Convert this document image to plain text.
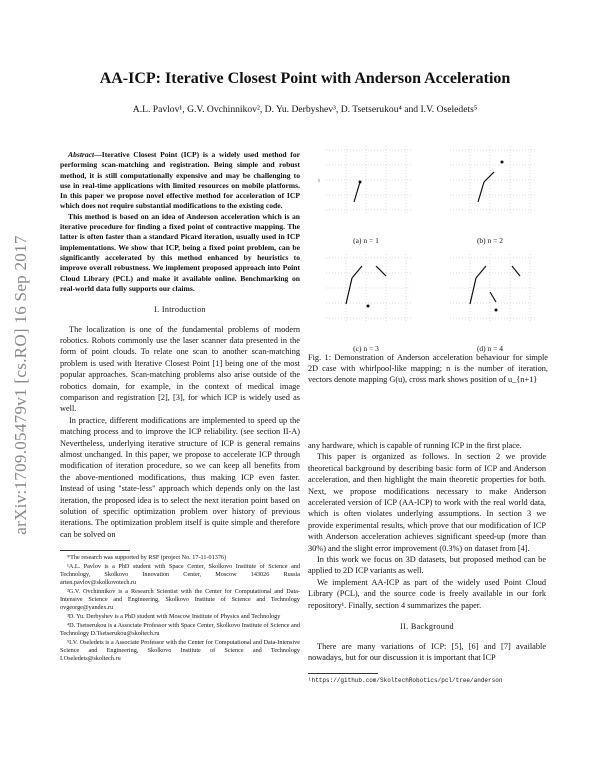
arXiv:1709.05479v1 [cs.RO] 16 Sep 2017
AA-ICP: Iterative Closest Point with Anderson Acceleration
A.L. Pavlov¹, G.V. Ovchinnikov², D. Yu. Derbyshev³, D. Tsetserukou⁴ and I.V. Oseledets⁵

Abstract—Iterative Closest Point (ICP) is a widely used method for performing scan-matching and registration. Being simple and robust method, it is still computationally expensive and may be challenging to use in real-time applications with limited resources on mobile platforms. In this paper we propose novel effective method for acceleration of ICP which does not require substantial modifications to the existing code.

This method is based on an idea of Anderson acceleration which is an iterative procedure for finding a fixed point of contractive mapping. The latter is often faster than a standard Picard iteration, usually used in ICP implementations. We show that ICP, being a fixed point problem, can be significantly accelerated by this method enhanced by heuristics to improve overall robustness. We implement proposed approach into Point Cloud Library (PCL) and make it available online. Benchmarking on real-world data fully supports our claims.

I. Introduction

The localization is one of the fundamental problems of modern robotics. Robots commonly use the laser scanner data presented in the form of point clouds. To relate one scan to another scan-matching problem is used with Iterative Closest Point [1] being one of the most popular approaches. Scan-matching problems also arise outside of the robotics domain, for example, in the context of medical image comparison and registration [2], [3], for which ICP is widely used as well.

In practice, different modifications are implemented to speed up the matching process and to improve the ICP reliability. (see section II-A) Nevertheless, underlying iterative structure of ICP is general remains almost unchanged. In this paper, we propose to accelerate ICP through modification of iteration procedure, so we can keep all benefits from the above-mentioned modifications, thus making ICP even faster. Instead of using "state-less" approach which depends only on the last iteration, the proposed idea is to select the next iteration point based on solution of specific optimization problem over history of previous iterations. The optimization problem itself is quite simple and therefore can be solved on

*The research was supported by RSF (project No. 17-11-01376)

¹A.L. Pavlov is a PhD student with Space Center, Skolkovo Institute of Science and Technology, Skolkovo Innovation Center, Moscow 143026 Russia arten.pavlov@skolkovotech.ru

²G.V. Ovchinnikov is a Research Scientist with the Center for Computational and Data-Intensive Science and Engineering, Skolkovo Institute of Science and Technology ovgeorge@yandex.ru

³D. Yu. Derbyshev is a PhD student with Moscow Institute of Physics and Technology

⁴D. Tsetserukou is a Associate Professor with Space Center, Skolkovo Institute of Science and Technology D.Tsetserukou@skoltech.ru

⁵I.V. Oseledets is a Associate Professor with the Center for Computational and Data-Intensive Science and Engineering, Skolkovo Institute of Science and Technology I.Oseledets@skoltech.ru

0
(a) n = 1	(b) n = 2
(c) n = 3	(d) n = 4
Fig. 1: Demonstration of Anderson acceleration behaviour for simple 2D case with whirlpool-like mapping; n is the number of iteration, vectors denote mapping G(u), cross mark shows position of u_{n+1}

any hardware, which is capable of running ICP in the first place.

This paper is organized as follows. In section 2 we provide theoretical background by describing basic form of ICP and Anderson acceleration, and then highlight the main theoretic properties for both. Next, we propose modifications necessary to make Anderson accelerated version of ICP (AA-ICP) to work with the real world data, which is often violates underlying assumptions. In section 3 we provide experimental results, which prove that our modification of ICP with Anderson acceleration achieves significant speed-up (more than 30%) and the slight error improvement (0.3%) on dataset from [4].

In this work we focus on 3D datasets, but proposed method can be applied to 2D ICP variants as well.

We implement AA-ICP as part of the widely used Point Cloud Library (PCL), and the source code is freely available in our fork repository¹. Finally, section 4 summarizes the paper.

II. Background

There are many variations of ICP: [5], [6] and [7] available nowadays, but for our discussion it is important that ICP

¹https://github.com/SkoltechRobotics/pcl/tree/anderson
